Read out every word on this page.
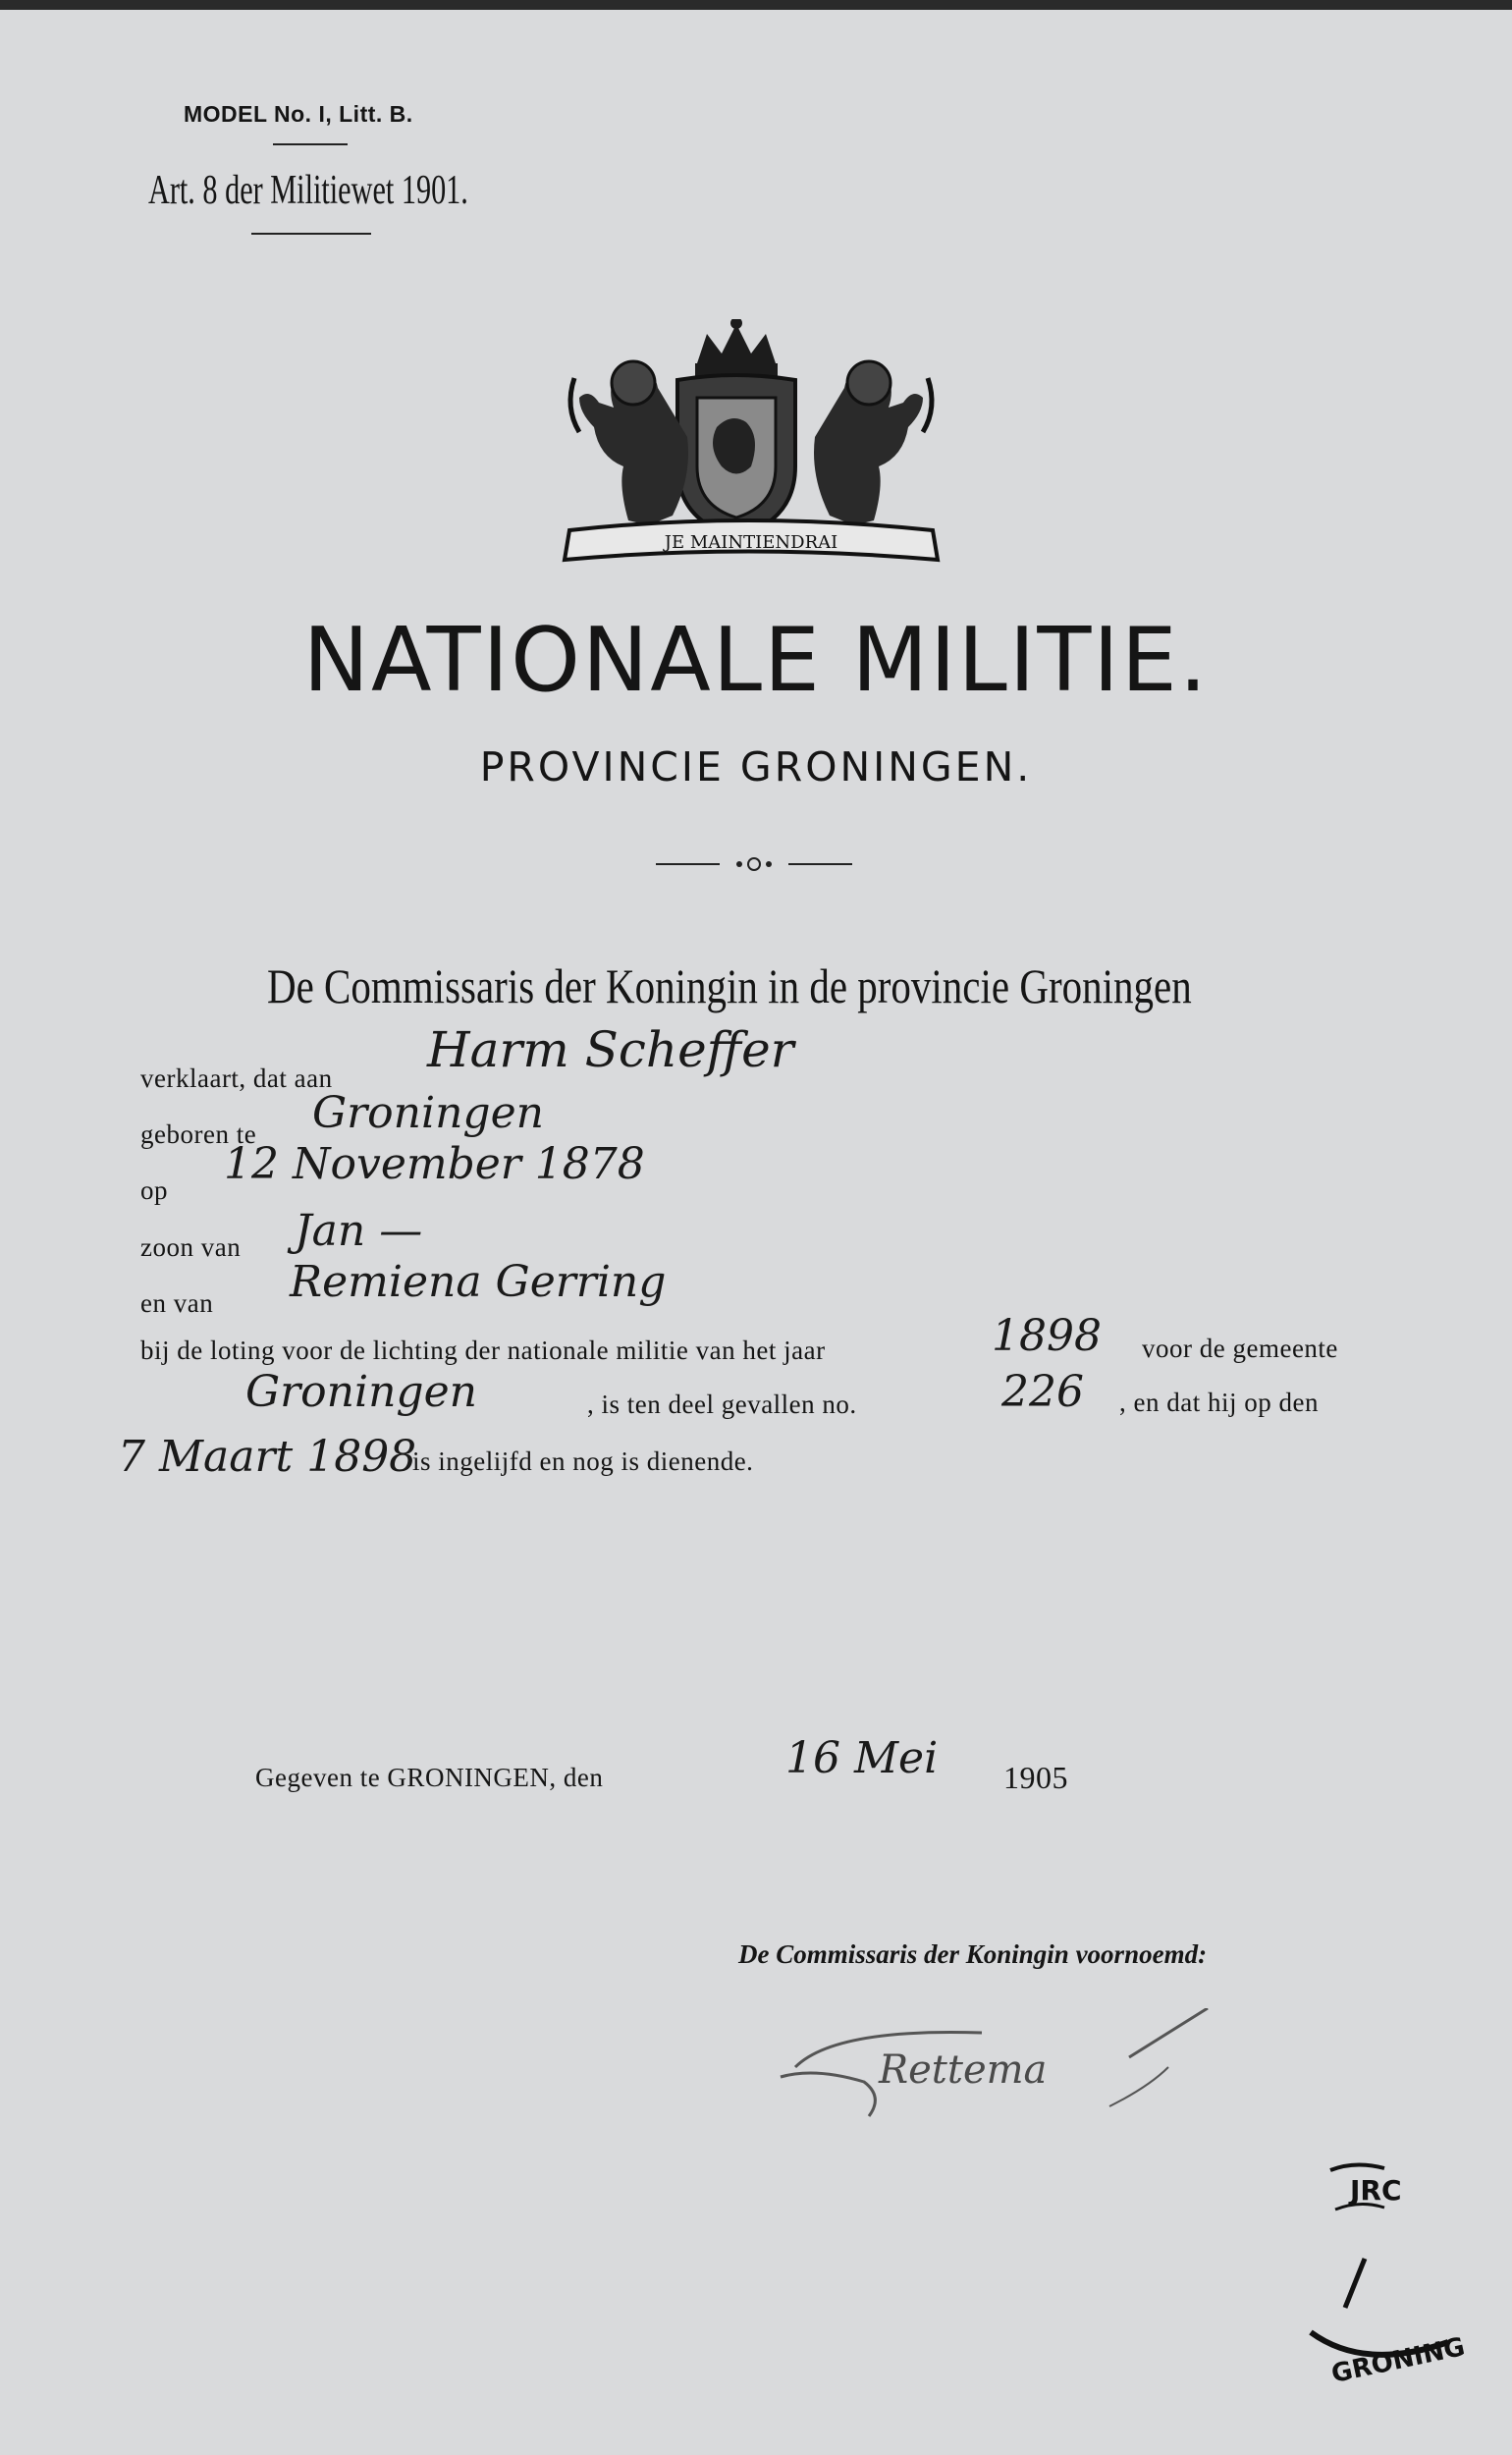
MODEL No. I, Litt. B.
Art. 8 der Militiewet 1901.
JE MAINTIENDRAI
NATIONALE MILITIE.
PROVINCIE GRONINGEN.
De Commissaris der Koningin in de provincie Groningen
verklaart, dat aan Harm Scheffer
geboren te Groningen
op
12 November 1878
zoon van Jan —
en van Remiena Gerring
bij de loting voor de lichting der nationale militie van het jaar	1898 voor de gemeente
Groningen	, is ten deel gevallen no.	226 , en dat hij op den
7 Maart 1898
is ingelijfd en nog is dienende.
Gegeven te GRONINGEN, den	16 Mei 1905
De Commissaris der Koningin voornoemd:
Rettema
JRC
GRONING
